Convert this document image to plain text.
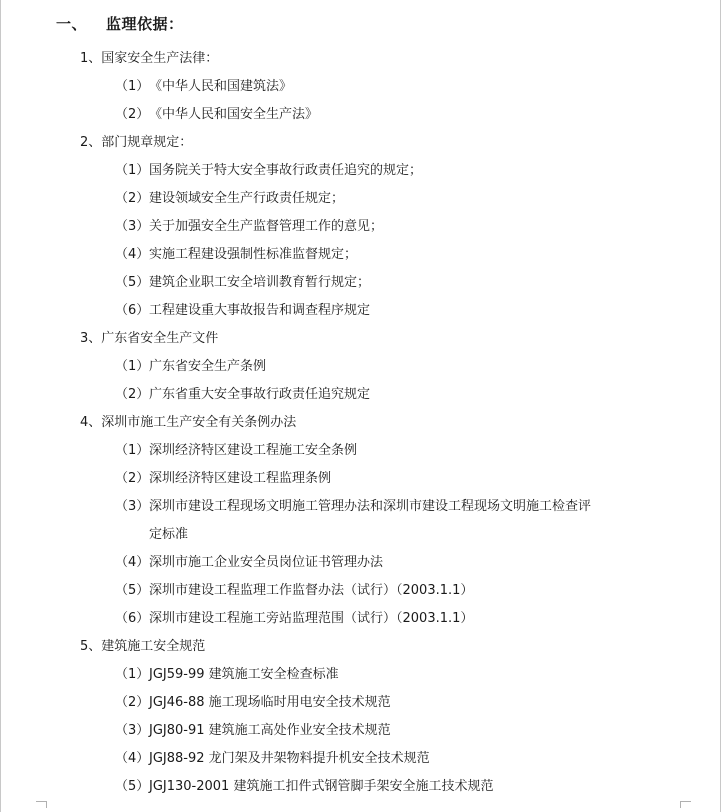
一、 监理依据：
1、国家安全生产法律：
（1）《中华人民和国建筑法》
（2）《中华人民和国安全生产法》
2、部门规章规定：
（1）国务院关于特大安全事故行政责任追究的规定；
（2）建设领域安全生产行政责任规定；
（3）关于加强安全生产监督管理工作的意见；
（4）实施工程建设强制性标准监督规定；
（5）建筑企业职工安全培训教育暂行规定；
（6）工程建设重大事故报告和调查程序规定
3、广东省安全生产文件
（1）广东省安全生产条例
（2）广东省重大安全事故行政责任追究规定
4、深圳市施工生产安全有关条例办法
（1）深圳经济特区建设工程施工安全条例
（2）深圳经济特区建设工程监理条例
（3）深圳市建设工程现场文明施工管理办法和深圳市建设工程现场文明施工检查评
定标准
（4）深圳市施工企业安全员岗位证书管理办法
（5）深圳市建设工程监理工作监督办法（试行）（2003.1.1）
（6）深圳市建设工程施工旁站监理范围（试行）（2003.1.1）
5、建筑施工安全规范
（1）JGJ59-99 建筑施工安全检查标准
（2）JGJ46-88 施工现场临时用电安全技术规范
（3）JGJ80-91 建筑施工高处作业安全技术规范
（4）JGJ88-92 龙门架及井架物料提升机安全技术规范
（5）JGJ130-2001 建筑施工扣件式钢管脚手架安全施工技术规范
